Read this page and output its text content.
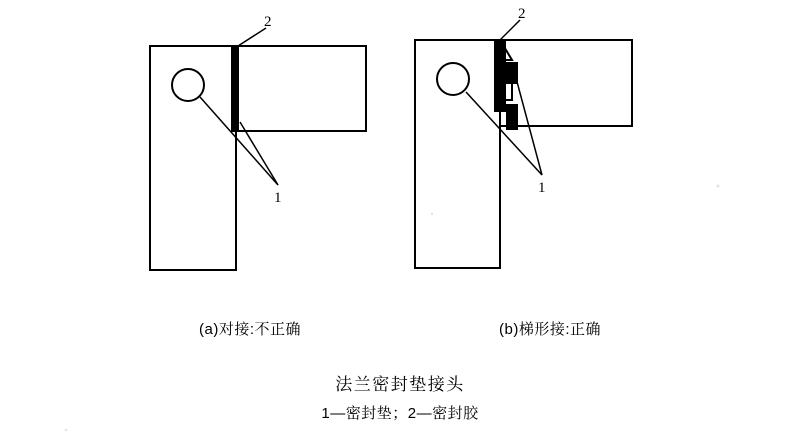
(a)对接:不正确	(b)梯形接:正确
法兰密封垫接头
1—密封垫；2—密封胶
2
1
2
1
